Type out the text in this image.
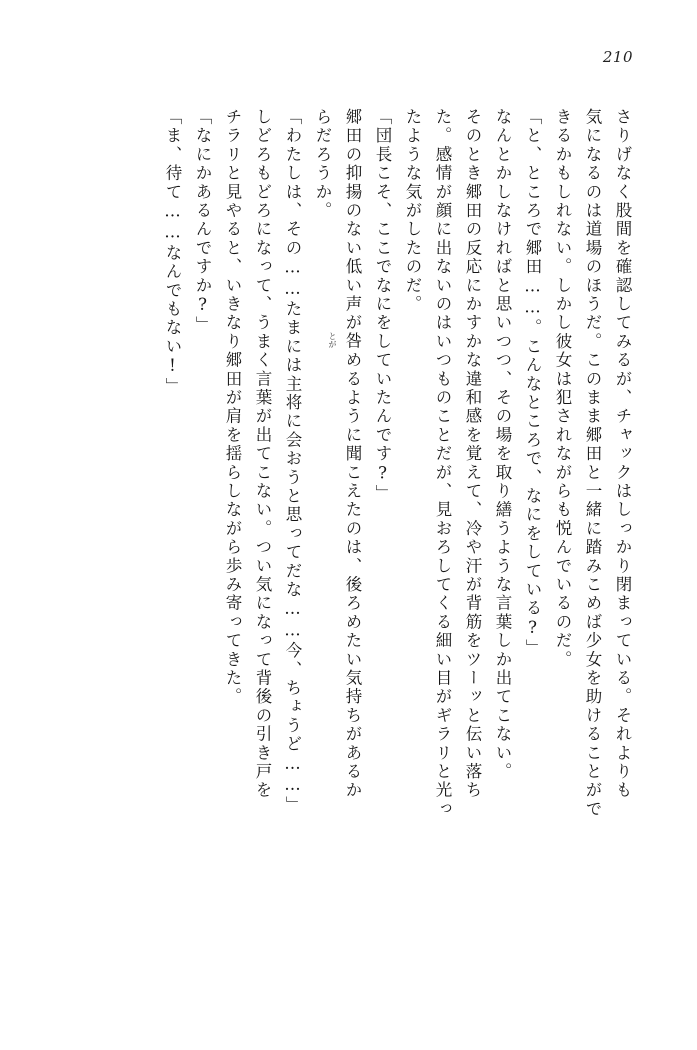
210
さりげなく股間を確認してみるが、チャックはしっかり閉まっている。それよりも
気になるのは道場のほうだ。このまま郷田と一緒に踏みこめば少女を助けることがで
きるかもしれない。しかし彼女は犯されながらも悦んでいるのだ。
「と、ところで郷田……。こんなところで、なにをしている?」
なんとかしなければと思いつつ、その場を取り繕うような言葉しか出てこない。
そのとき郷田の反応にかすかな違和感を覚えて、冷や汗が背筋をツーッと伝い落ち
た。感情が顔に出ないのはいつものことだが、見おろしてくる細い目がギラリと光っ
たような気がしたのだ。
「団長こそ、ここでなにをしていたんです?」
郷田の抑揚のない低い声が咎
とが
めるように聞こえたのは、後ろめたい気持ちがあるか
らだろうか。
「わたしは、その……たまには主将に会おうと思ってだな……今、ちょうど……」
しどろもどろになって、うまく言葉が出てこない。つい気になって背後の引き戸を
チラリと見やると、いきなり郷田が肩を揺らしながら歩み寄ってきた。
「なにかあるんですか?」
「ま、待て……なんでもない!」
